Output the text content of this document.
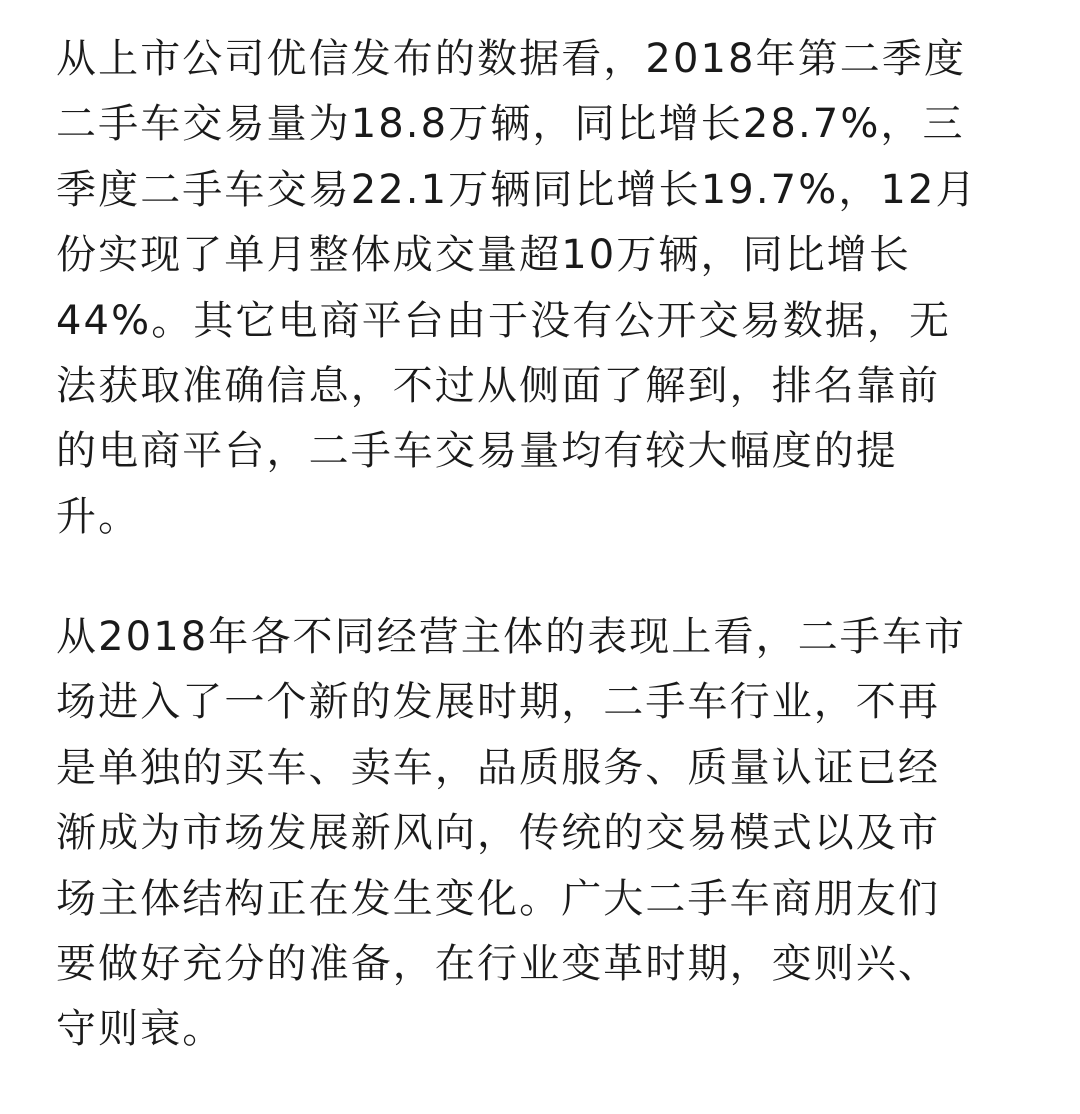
从上市公司优信发布的数据看，2018年第二季度
二手车交易量为18.8万辆，同比增长28.7%，三
季度二手车交易22.1万辆同比增长19.7%，12月
份实现了单月整体成交量超10万辆，同比增长
44%。其它电商平台由于没有公开交易数据，无
法获取准确信息，不过从侧面了解到，排名靠前
的电商平台，二手车交易量均有较大幅度的提
升。

从2018年各不同经营主体的表现上看，二手车市
场进入了一个新的发展时期，二手车行业，不再
是单独的买车、卖车，品质服务、质量认证已经
渐成为市场发展新风向，传统的交易模式以及市
场主体结构正在发生变化。广大二手车商朋友们
要做好充分的准备，在行业变革时期，变则兴、
守则衰。
